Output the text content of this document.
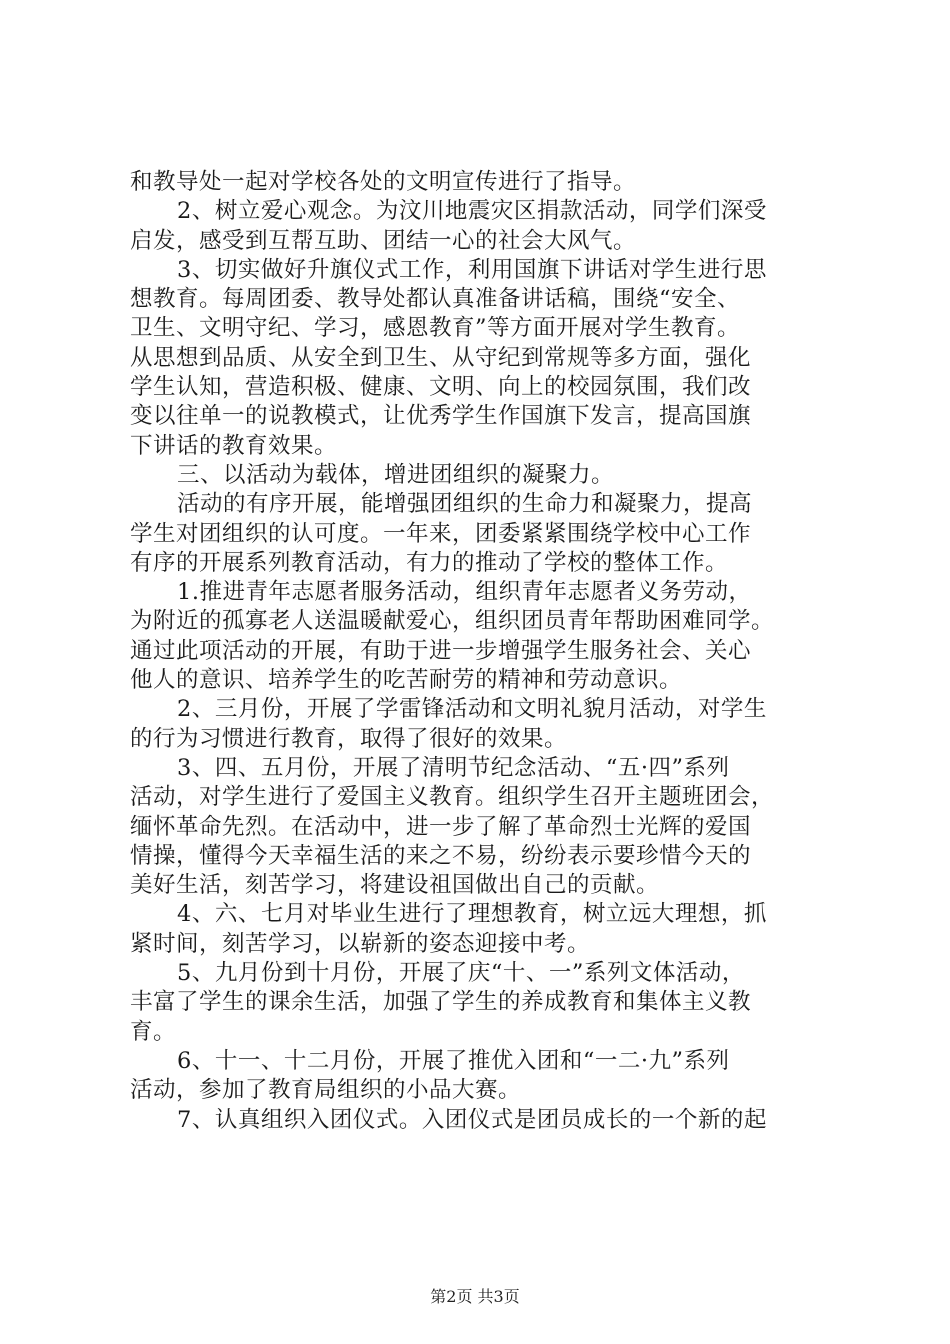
和教导处一起对学校各处的文明宣传进行了指导。
2、树立爱心观念。为汶川地震灾区捐款活动，同学们深受
启发，感受到互帮互助、团结一心的社会大风气。
3、切实做好升旗仪式工作，利用国旗下讲话对学生进行思
想教育。每周团委、教导处都认真准备讲话稿，围绕“安全、
卫生、文明守纪、学习，感恩教育”等方面开展对学生教育。
从思想到品质、从安全到卫生、从守纪到常规等多方面，强化
学生认知，营造积极、健康、文明、向上的校园氛围，我们改
变以往单一的说教模式，让优秀学生作国旗下发言，提高国旗
下讲话的教育效果。
三、以活动为载体，增进团组织的凝聚力。
活动的有序开展，能增强团组织的生命力和凝聚力，提高
学生对团组织的认可度。一年来，团委紧紧围绕学校中心工作
有序的开展系列教育活动，有力的推动了学校的整体工作。
1.推进青年志愿者服务活动，组织青年志愿者义务劳动，
为附近的孤寡老人送温暖献爱心，组织团员青年帮助困难同学。
通过此项活动的开展，有助于进一步增强学生服务社会、关心
他人的意识、培养学生的吃苦耐劳的精神和劳动意识。
2、三月份，开展了学雷锋活动和文明礼貌月活动，对学生
的行为习惯进行教育，取得了很好的效果。
3、四、五月份，开展了清明节纪念活动、“五·四”系列
活动，对学生进行了爱国主义教育。组织学生召开主题班团会，
缅怀革命先烈。在活动中，进一步了解了革命烈士光辉的爱国
情操，懂得今天幸福生活的来之不易，纷纷表示要珍惜今天的
美好生活，刻苦学习，将建设祖国做出自己的贡献。
4、六、七月对毕业生进行了理想教育，树立远大理想，抓
紧时间，刻苦学习，以崭新的姿态迎接中考。
5、九月份到十月份，开展了庆“十、一”系列文体活动，
丰富了学生的课余生活，加强了学生的养成教育和集体主义教
育。
6、十一、十二月份，开展了推优入团和“一二·九”系列
活动，参加了教育局组织的小品大赛。
7、认真组织入团仪式。入团仪式是团员成长的一个新的起
第2页 共3页
